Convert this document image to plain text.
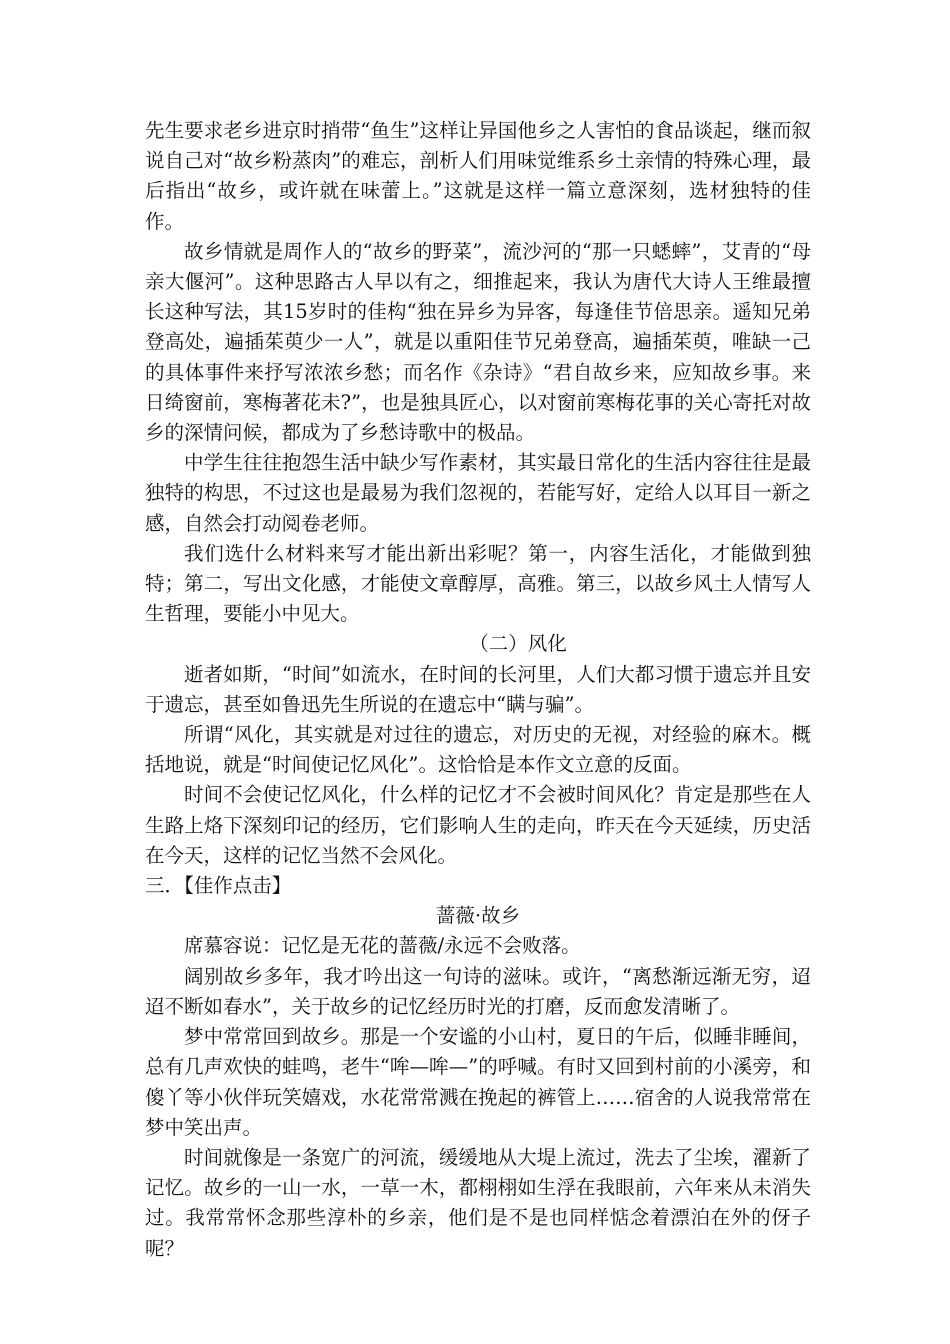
先生要求老乡进京时捎带“鱼生”这样让异国他乡之人害怕的食品谈起，继而叙说自己对“故乡粉蒸肉”的难忘，剖析人们用味觉维系乡土亲情的特殊心理，最后指出“故乡，或许就在味蕾上。”这就是这样一篇立意深刻，选材独特的佳作。

故乡情就是周作人的“故乡的野菜”，流沙河的“那一只蟋蟀”，艾青的“母亲大偃河”。这种思路古人早以有之，细推起来，我认为唐代大诗人王维最擅长这种写法，其15岁时的佳构“独在异乡为异客，每逢佳节倍思亲。遥知兄弟登高处，遍插茱萸少一人”，就是以重阳佳节兄弟登高，遍插茱萸，唯缺一己的具体事件来抒写浓浓乡愁；而名作《杂诗》“君自故乡来，应知故乡事。来日绮窗前，寒梅著花未?”，也是独具匠心，以对窗前寒梅花事的关心寄托对故乡的深情问候，都成为了乡愁诗歌中的极品。

中学生往往抱怨生活中缺少写作素材，其实最日常化的生活内容往往是最独特的构思，不过这也是最易为我们忽视的，若能写好，定给人以耳目一新之感，自然会打动阅卷老师。

我们选什么材料来写才能出新出彩呢？第一，内容生活化，才能做到独特；第二，写出文化感，才能使文章醇厚，高雅。第三，以故乡风土人情写人生哲理，要能小中见大。

（二）风化

逝者如斯，“时间”如流水，在时间的长河里，人们大都习惯于遗忘并且安于遗忘，甚至如鲁迅先生所说的在遗忘中“瞒与骗”。

所谓“风化，其实就是对过往的遗忘，对历史的无视，对经验的麻木。概括地说，就是“时间使记忆风化”。这恰恰是本作文立意的反面。

时间不会使记忆风化，什么样的记忆才不会被时间风化？肯定是那些在人生路上烙下深刻印记的经历，它们影响人生的走向，昨天在今天延续，历史活在今天，这样的记忆当然不会风化。

三．【佳作点击】

蔷薇·故乡

席慕容说：记忆是无花的蔷薇/永远不会败落。

阔别故乡多年，我才吟出这一句诗的滋味。或许，“离愁渐远渐无穷，迢迢不断如春水”，关于故乡的记忆经历时光的打磨，反而愈发清晰了。

梦中常常回到故乡。那是一个安谧的小山村，夏日的午后，似睡非睡间，总有几声欢快的蛙鸣，老牛“哞—哞—”的呼喊。有时又回到村前的小溪旁，和傻丫等小伙伴玩笑嬉戏，水花常常溅在挽起的裤管上……宿舍的人说我常常在梦中笑出声。

时间就像是一条宽广的河流，缓缓地从大堤上流过，洗去了尘埃，濯新了记忆。故乡的一山一水，一草一木，都栩栩如生浮在我眼前，六年来从未消失过。我常常怀念那些淳朴的乡亲，他们是不是也同样惦念着漂泊在外的伢子呢？
